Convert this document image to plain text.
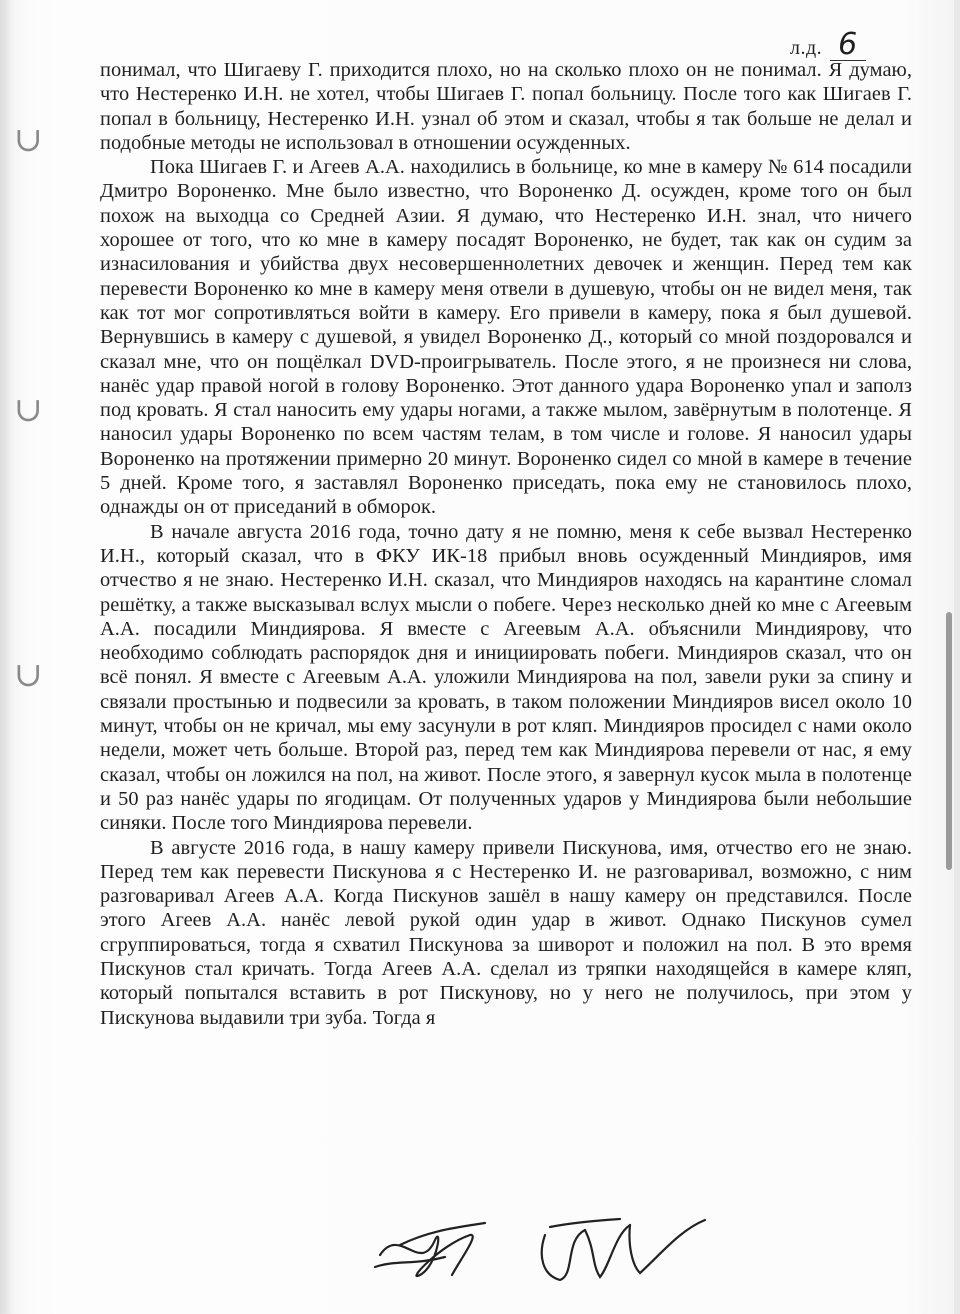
л.д. 6
∪
∪
∪

понимал, что Шигаеву Г. приходится плохо, но на сколько плохо он не понимал. Я думаю, что Нестеренко И.Н. не хотел, чтобы Шигаев Г. попал больницу. После того как Шигаев Г. попал в больницу, Нестеренко И.Н. узнал об этом и сказал, чтобы я так больше не делал и подобные методы не использовал в отношении осужденных.

Пока Шигаев Г. и Агеев А.А. находились в больнице, ко мне в камеру № 614 посадили Дмитро Вороненко. Мне было известно, что Вороненко Д. осужден, кроме того он был похож на выходца со Средней Азии. Я думаю, что Нестеренко И.Н. знал, что ничего хорошее от того, что ко мне в камеру посадят Вороненко, не будет, так как он судим за изнасилования и убийства двух несовершеннолетних девочек и женщин. Перед тем как перевести Вороненко ко мне в камеру меня отвели в душевую, чтобы он не видел меня, так как тот мог сопротивляться войти в камеру. Его привели в камеру, пока я был душевой. Вернувшись в камеру с душевой, я увидел Вороненко Д., который со мной поздоровался и сказал мне, что он пощёлкал DVD-проигрыватель. После этого, я не произнеся ни слова, нанёс удар правой ногой в голову Вороненко. Этот данного удара Вороненко упал и заполз под кровать. Я стал наносить ему удары ногами, а также мылом, завёрнутым в полотенце. Я наносил удары Вороненко по всем частям телам, в том числе и голове. Я наносил удары Вороненко на протяжении примерно 20 минут. Вороненко сидел со мной в камере в течение 5 дней. Кроме того, я заставлял Вороненко приседать, пока ему не становилось плохо, однажды он от приседаний в обморок.

В начале августа 2016 года, точно дату я не помню, меня к себе вызвал Нестеренко И.Н., который сказал, что в ФКУ ИК-18 прибыл вновь осужденный Миндияров, имя отчество я не знаю. Нестеренко И.Н. сказал, что Миндияров находясь на карантине сломал решётку, а также высказывал вслух мысли о побеге. Через несколько дней ко мне с Агеевым А.А. посадили Миндиярова. Я вместе с Агеевым А.А. объяснили Миндиярову, что необходимо соблюдать распорядок дня и инициировать побеги. Миндияров сказал, что он всё понял. Я вместе с Агеевым А.А. уложили Миндиярова на пол, завели руки за спину и связали простынью и подвесили за кровать, в таком положении Миндияров висел около 10 минут, чтобы он не кричал, мы ему засунули в рот кляп. Миндияров просидел с нами около недели, может четь больше. Второй раз, перед тем как Миндиярова перевели от нас, я ему сказал, чтобы он ложился на пол, на живот. После этого, я завернул кусок мыла в полотенце и 50 раз нанёс удары по ягодицам. От полученных ударов у Миндиярова были небольшие синяки. После того Миндиярова перевели.

В августе 2016 года, в нашу камеру привели Пискунова, имя, отчество его не знаю. Перед тем как перевести Пискунова я с Нестеренко И. не разговаривал, возможно, с ним разговаривал Агеев А.А. Когда Пискунов зашёл в нашу камеру он представился. После этого Агеев А.А. нанёс левой рукой один удар в живот. Однако Пискунов сумел сгруппироваться, тогда я схватил Пискунова за шиворот и положил на пол. В это время Пискунов стал кричать. Тогда Агеев А.А. сделал из тряпки находящейся в камере кляп, который попытался вставить в рот Пискунову, но у него не получилось, при этом у Пискунова выдавили три зуба. Тогда я
